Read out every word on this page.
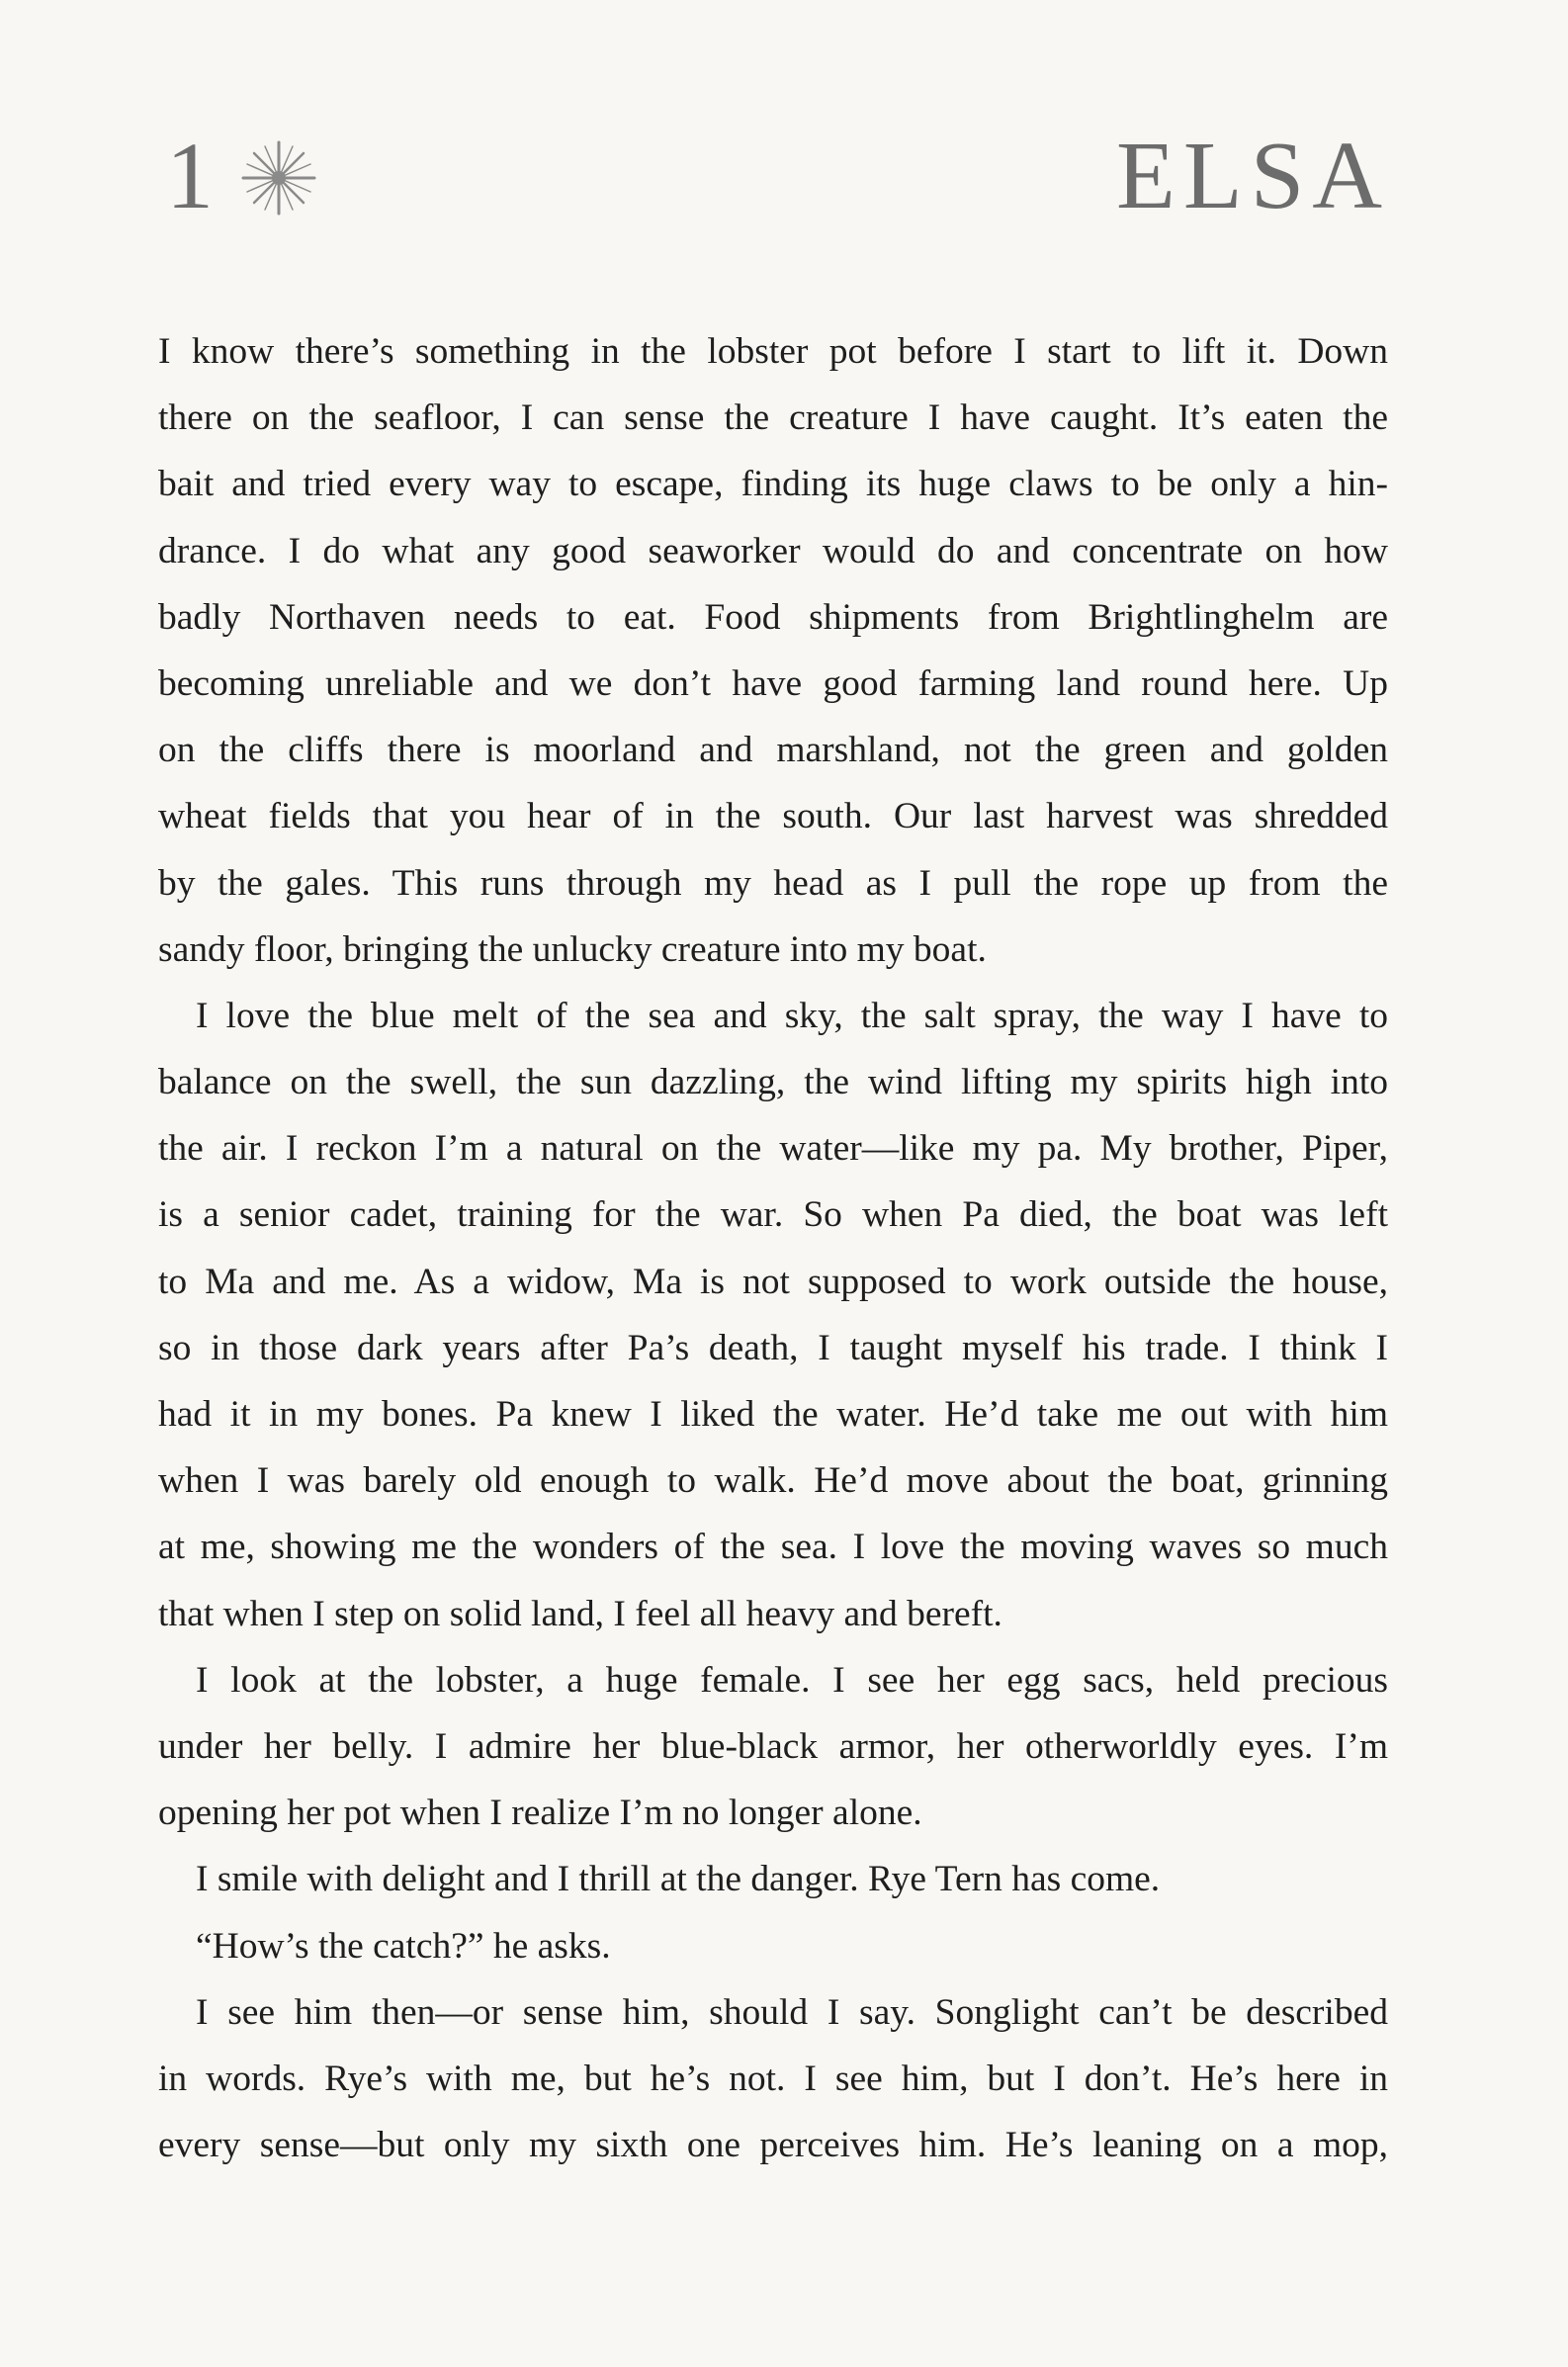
1	ELSA
I know there’s something in the lobster pot before I start to lift it. Down
there on the seafloor, I can sense the creature I have caught. It’s eaten the
bait and tried every way to escape, finding its huge claws to be only a hin-
drance. I do what any good seaworker would do and concentrate on how
badly Northaven needs to eat. Food shipments from Brightlinghelm are
becoming unreliable and we don’t have good farming land round here. Up
on the cliffs there is moorland and marshland, not the green and golden
wheat fields that you hear of in the south. Our last harvest was shredded
by the gales. This runs through my head as I pull the rope up from the
sandy floor, bringing the unlucky creature into my boat.
I love the blue melt of the sea and sky, the salt spray, the way I have to
balance on the swell, the sun dazzling, the wind lifting my spirits high into
the air. I reckon I’m a natural on the water—like my pa. My brother, Piper,
is a senior cadet, training for the war. So when Pa died, the boat was left
to Ma and me. As a widow, Ma is not supposed to work outside the house,
so in those dark years after Pa’s death, I taught myself his trade. I think I
had it in my bones. Pa knew I liked the water. He’d take me out with him
when I was barely old enough to walk. He’d move about the boat, grinning
at me, showing me the wonders of the sea. I love the moving waves so much
that when I step on solid land, I feel all heavy and bereft.
I look at the lobster, a huge female. I see her egg sacs, held precious
under her belly. I admire her blue-black armor, her otherworldly eyes. I’m
opening her pot when I realize I’m no longer alone.
I smile with delight and I thrill at the danger. Rye Tern has come.
“How’s the catch?” he asks.
I see him then—or sense him, should I say. Songlight can’t be described
in words. Rye’s with me, but he’s not. I see him, but I don’t. He’s here in
every sense—but only my sixth one perceives him. He’s leaning on a mop,
